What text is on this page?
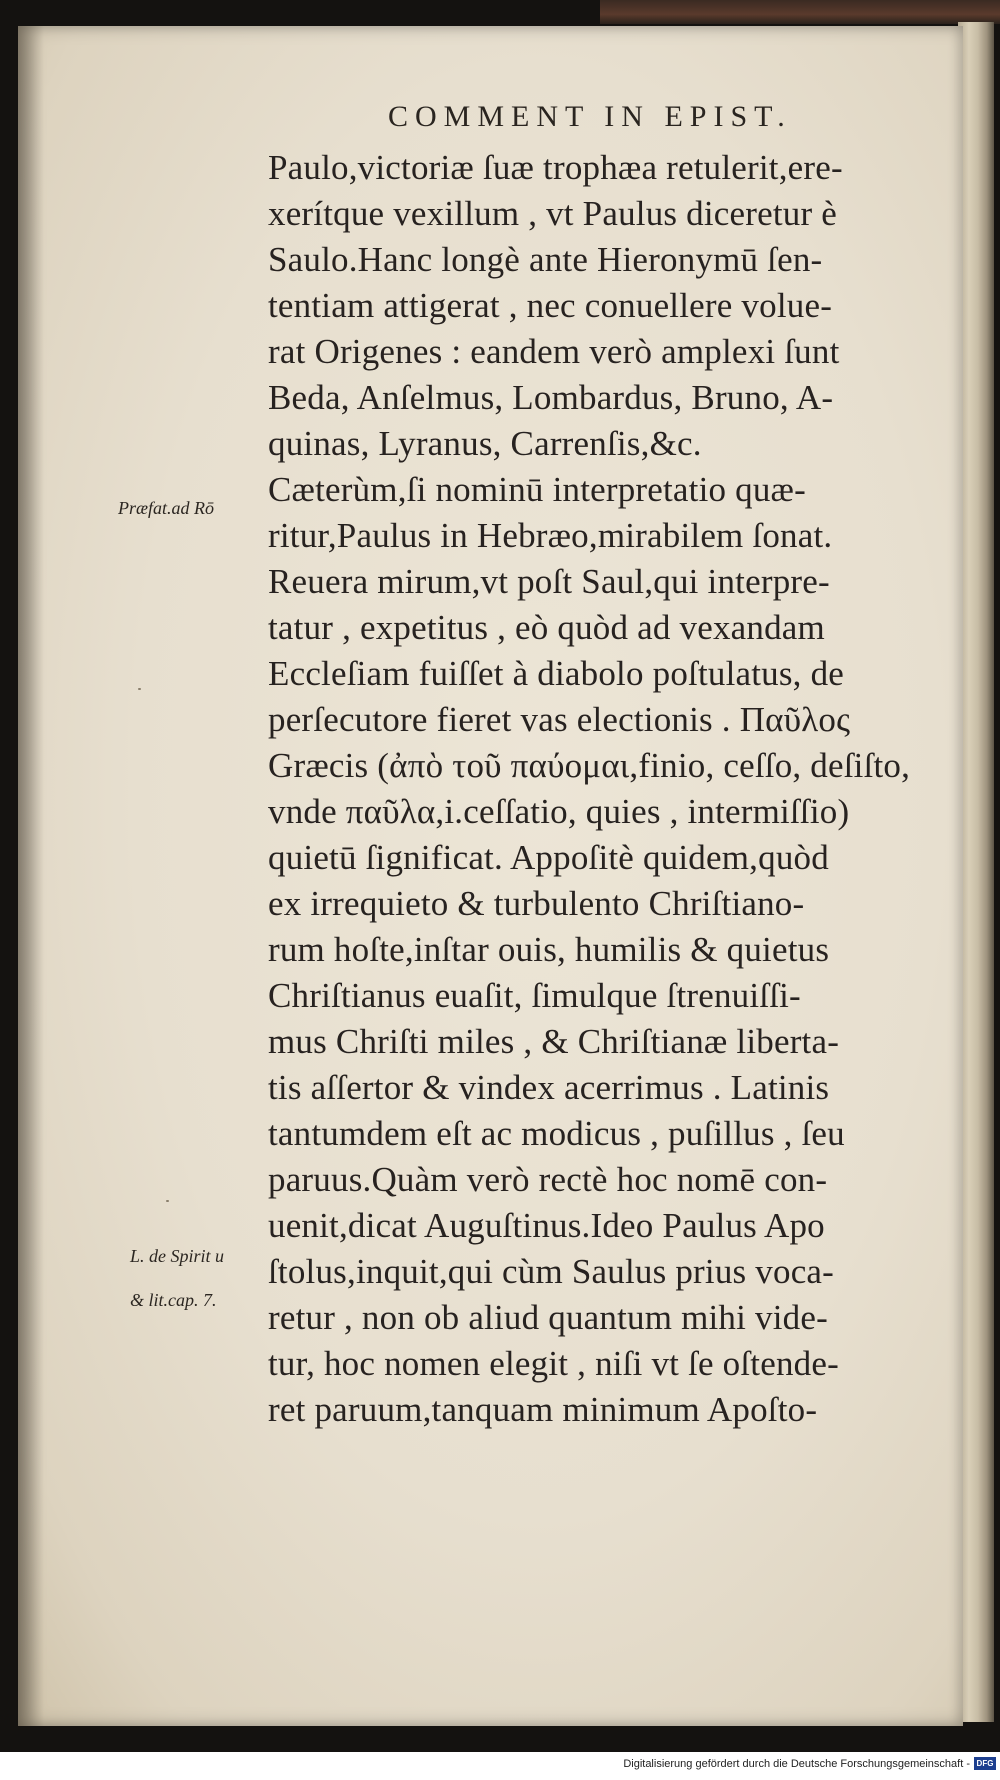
COMMENT IN EPIST.
Paulo,victoriæ ſuæ trophæa retulerit,ere-
xerítque vexillum , vt Paulus diceretur è
Saulo.Hanc longè ante Hieronymū ſen-
tentiam attigerat , nec conuellere volue-
rat Origenes : eandem verò amplexi ſunt
Beda, Anſelmus, Lombardus, Bruno, A-
quinas, Lyranus, Carrenſis,&c.
Cæterùm,ſi nominū interpretatio quæ-
ritur,Paulus in Hebræo,mirabilem ſonat.
Reuera mirum,vt poſt Saul,qui interpre-
tatur , expetitus , eò quòd ad vexandam
Eccleſiam fuiſſet à diabolo poſtulatus, de
perſecutore fieret vas electionis . Παῦλος
Græcis (ἀπὸ τοῦ παύομαι,finio, ceſſo, deſiſto,
vnde παῦλα,i.ceſſatio, quies , intermiſſio)
quietū ſignificat. Appoſitè quidem,quòd
ex irrequieto & turbulento Chriſtiano-
rum hoſte,inſtar ouis, humilis & quietus
Chriſtianus euaſit, ſimulque ſtrenuiſſi-
mus Chriſti miles , & Chriſtianæ liberta-
tis aſſertor & vindex acerrimus . Latinis
tantumdem eſt ac modicus , puſillus , ſeu
paruus.Quàm verò rectè hoc nomē con-
uenit,dicat Auguſtinus.Ideo Paulus Apo
ſtolus,inquit,qui cùm Saulus prius voca-
retur , non ob aliud quantum mihi vide-
tur, hoc nomen elegit , niſi vt ſe oſtende-
ret paruum,tanquam minimum Apoſto-
Præfat.ad Rō
L. de Spirit u
& lit.cap. 7.
Digitalisierung gefördert durch die Deutsche Forschungsgemeinschaft - DFG
